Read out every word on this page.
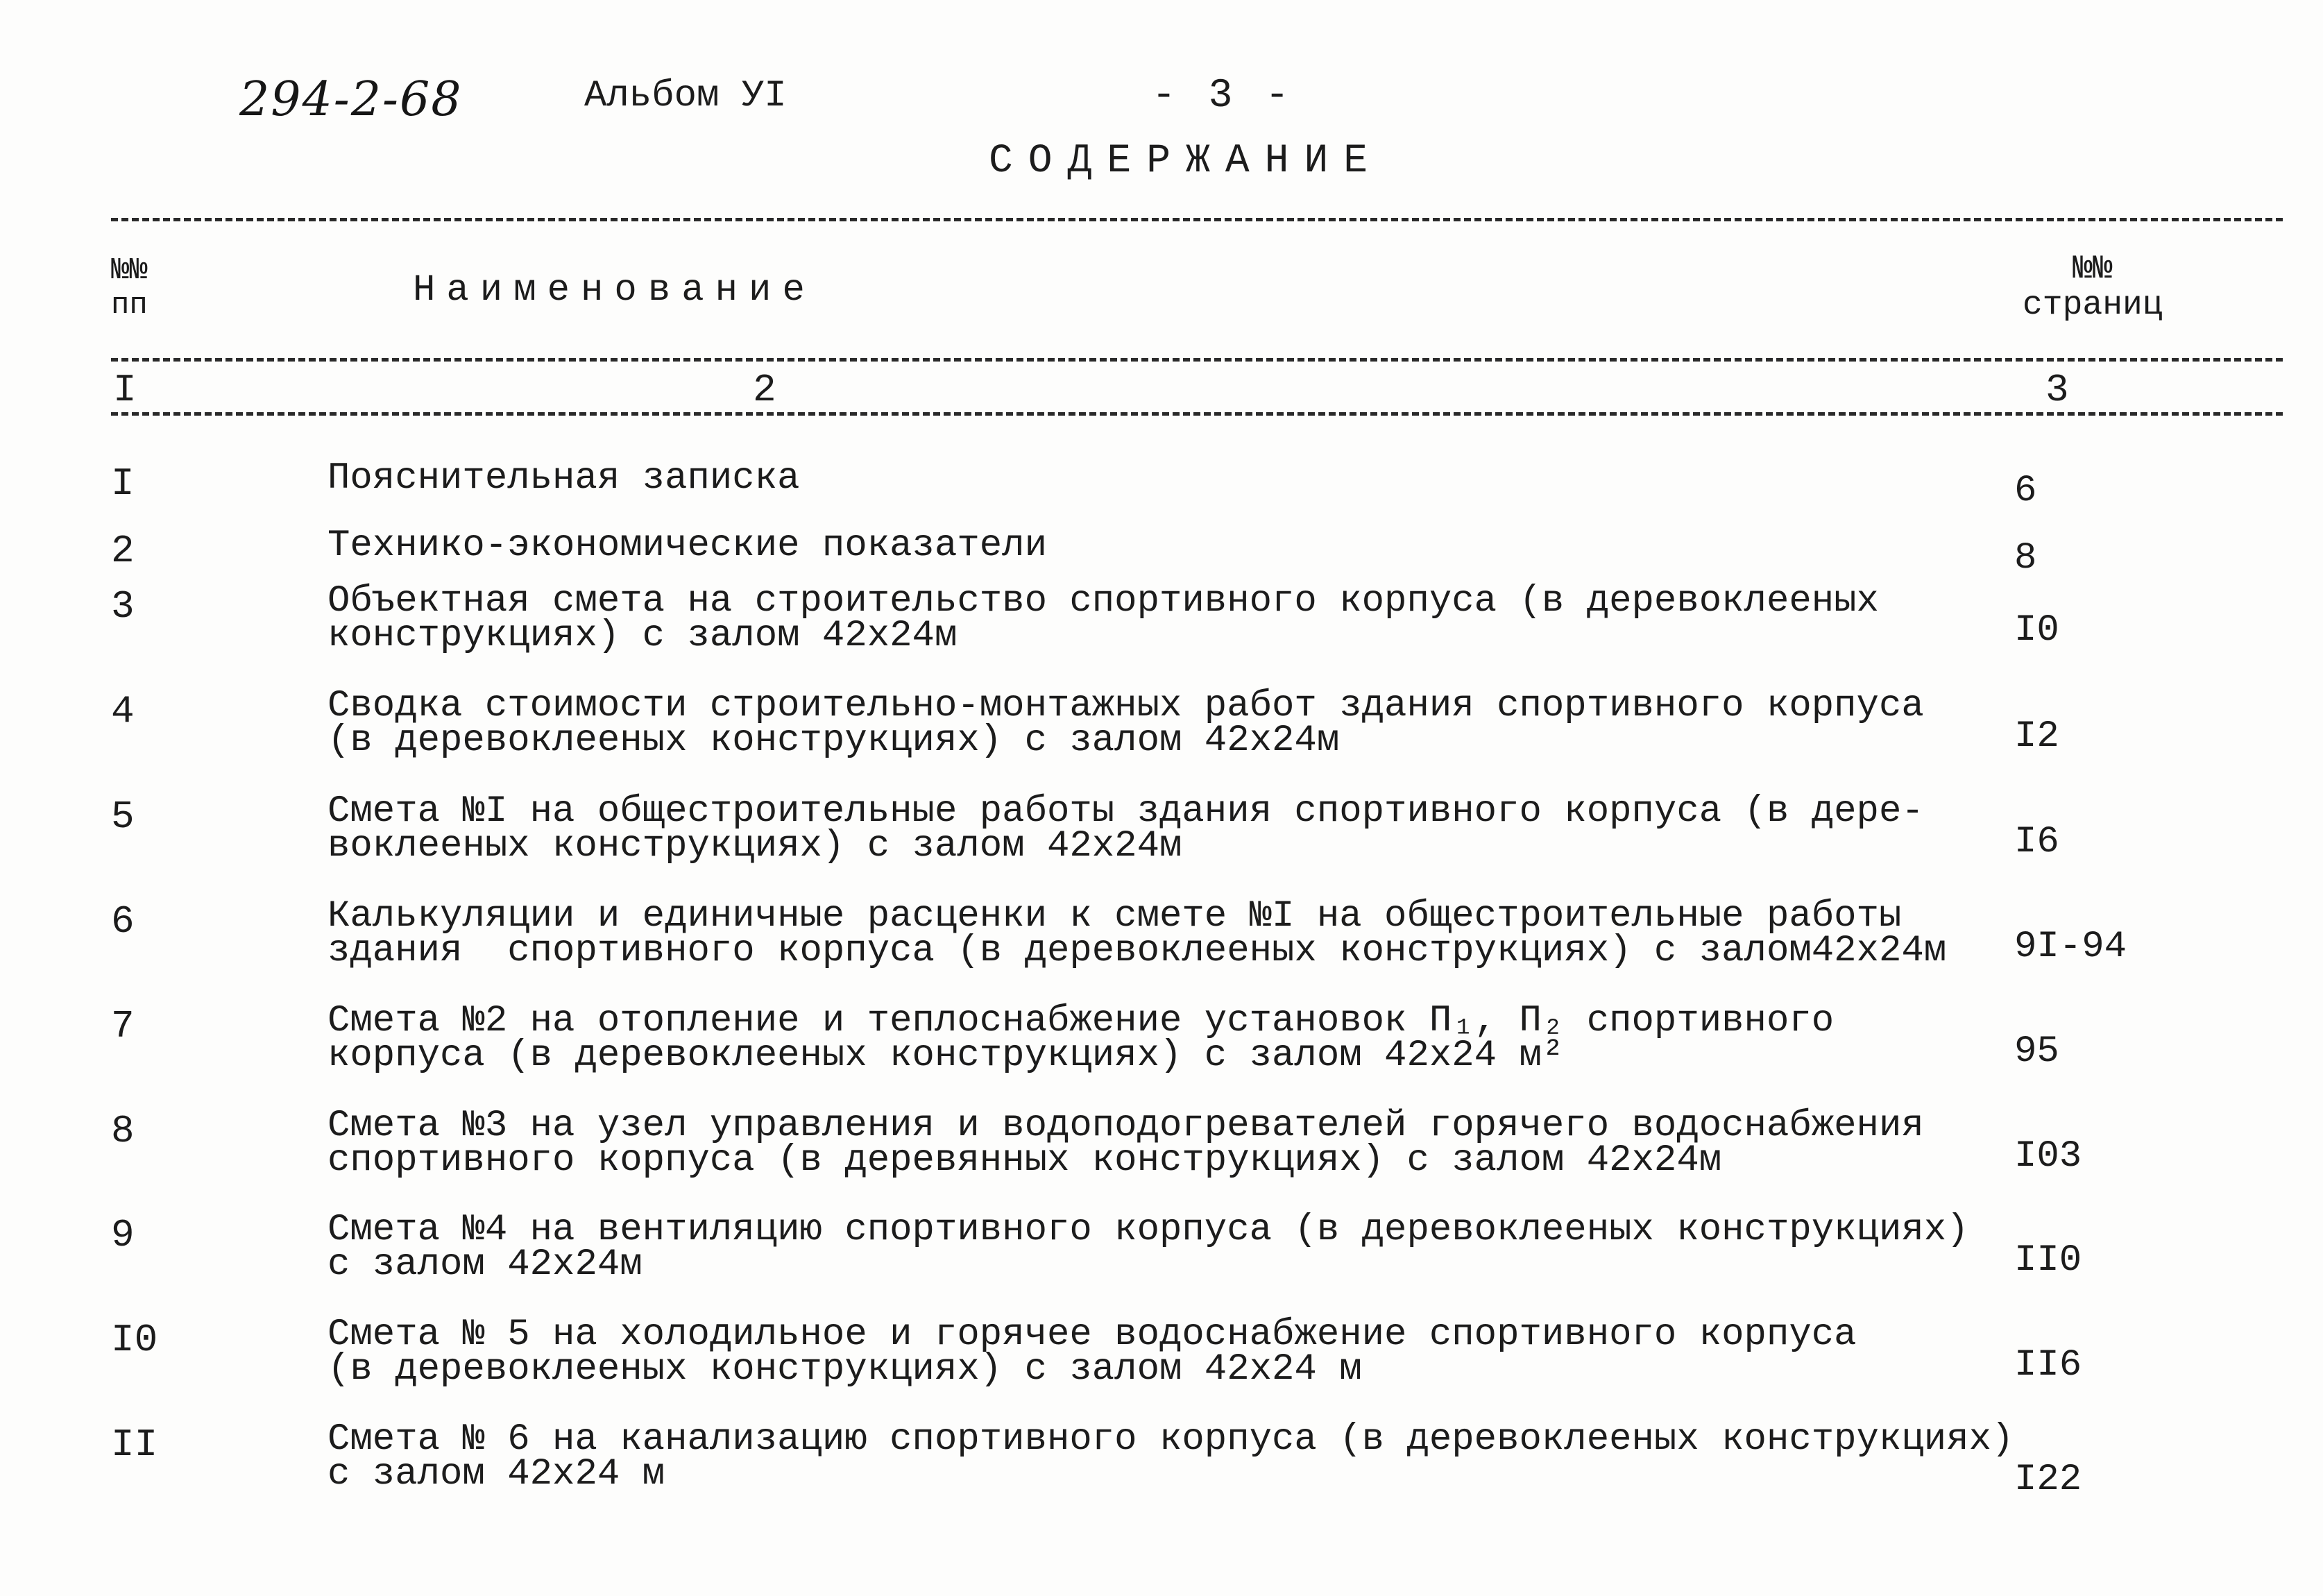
294-2-68	Альбом УI	- 3 -
СОДЕРЖАНИЕ
№№
пп	Наименование	№№
страниц
I	2	3
I	Пояснительная записка	6
2	Технико-экономические показатели	8
3	Объектная смета на строительство спортивного корпуса (в деревоклееных
конструкциях) с залом 42х24м	I0
4	Сводка стоимости строительно-монтажных работ здания спортивного корпуса
(в деревоклееных конструкциях) с залом 42х24м	I2
5	Смета №I на общестроительные работы здания спортивного корпуса (в дере-
воклееных конструкциях) с залом 42х24м	I6
6	Калькуляции и единичные расценки к смете №I на общестроительные работы
здания  спортивного корпуса (в деревоклееных конструкциях) с залом42х24м 9I-94
7	Смета №2 на отопление и теплоснабжение установок П₁, П₂ спортивного
корпуса (в деревоклееных конструкциях) с залом 42х24 м²	95
8	Смета №3 на узел управления и водоподогревателей горячего водоснабжения
спортивного корпуса (в деревянных конструкциях) с залом 42х24м	I03
9	Смета №4 на вентиляцию спортивного корпуса (в деревоклееных конструкциях)
с залом 42х24м	II0
I0	Смета № 5 на холодильное и горячее водоснабжение спортивного корпуса
(в деревоклееных конструкциях) с залом 42х24 м	II6
II	Смета № 6 на канализацию спортивного корпуса (в деревоклееных конструкциях)
с залом 42х24 м	I22
